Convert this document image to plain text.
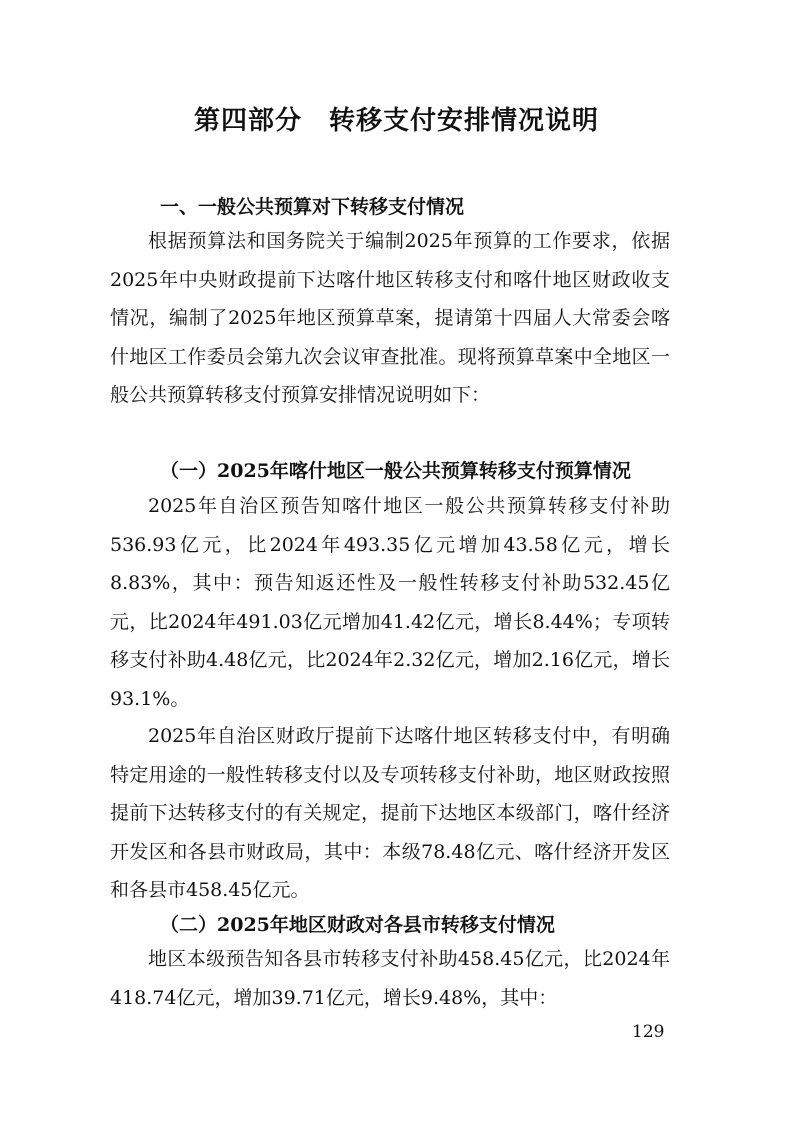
第四部分　转移支付安排情况说明
一、一般公共预算对下转移支付情况

根据预算法和国务院关于编制2025年预算的工作要求，依据2025年中央财政提前下达喀什地区转移支付和喀什地区财政收支情况，编制了2025年地区预算草案，提请第十四届人大常委会喀什地区工作委员会第九次会议审查批准。现将预算草案中全地区一般公共预算转移支付预算安排情况说明如下：

（一）2025年喀什地区一般公共预算转移支付预算情况

2025年自治区预告知喀什地区一般公共预算转移支付补助536.93亿元，比2024年493.35亿元增加43.58亿元，增长8.83%，其中：预告知返还性及一般性转移支付补助532.45亿元，比2024年491.03亿元增加41.42亿元，增长8.44%；专项转移支付补助4.48亿元，比2024年2.32亿元，增加2.16亿元，增长93.1%。

2025年自治区财政厅提前下达喀什地区转移支付中，有明确特定用途的一般性转移支付以及专项转移支付补助，地区财政按照提前下达转移支付的有关规定，提前下达地区本级部门，喀什经济开发区和各县市财政局，其中：本级78.48亿元、喀什经济开发区和各县市458.45亿元。

（二）2025年地区财政对各县市转移支付情况

地区本级预告知各县市转移支付补助458.45亿元，比2024年418.74亿元，增加39.71亿元，增长9.48%，其中：

129
